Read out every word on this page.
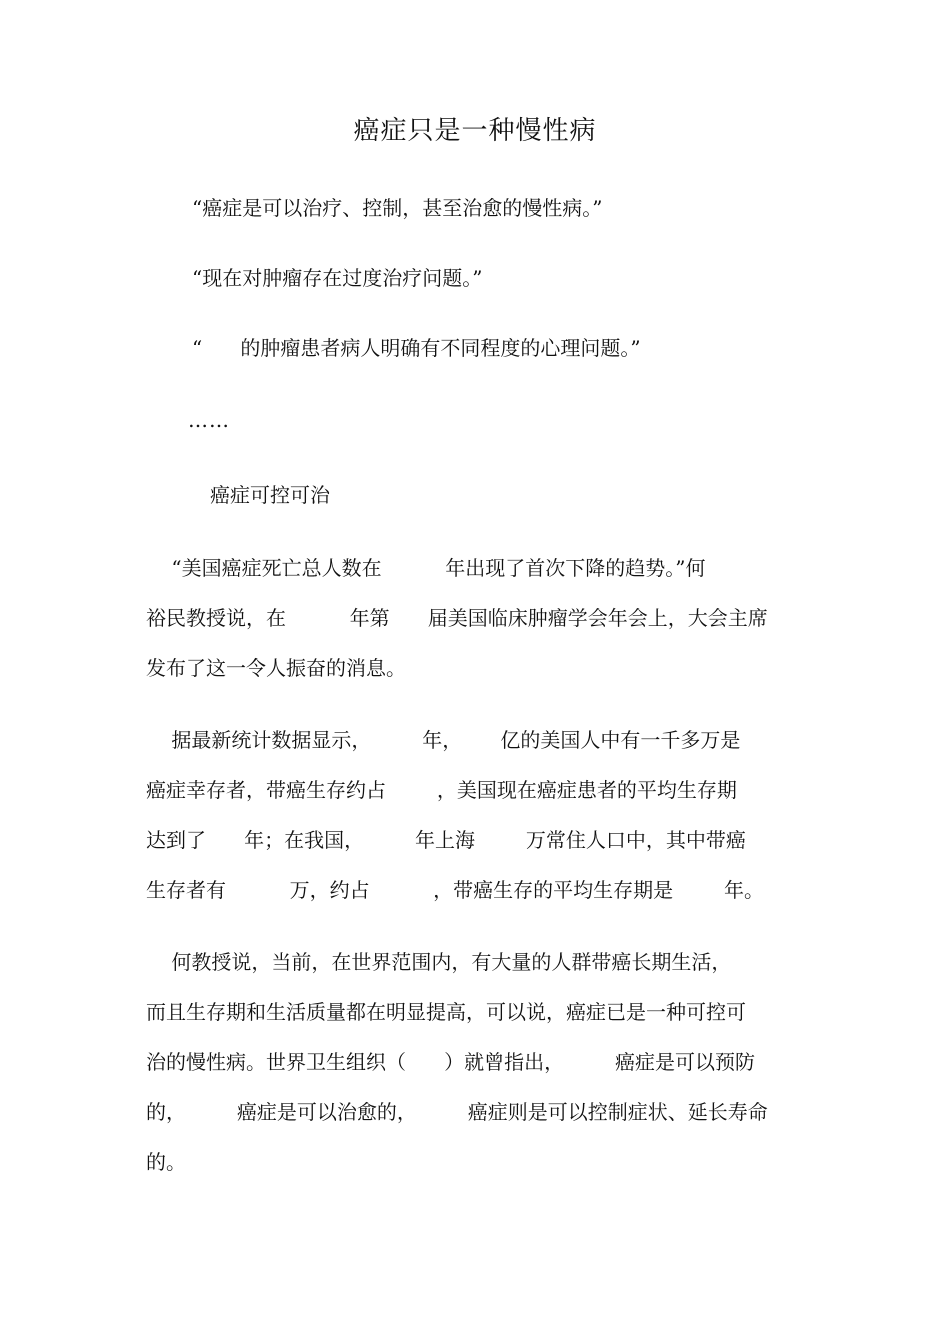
癌症只是一种慢性病
“癌症是可以治疗、控制，甚至治愈的慢性病。”
“现在对肿瘤存在过度治疗问题。”
“      的肿瘤患者病人明确有不同程度的心理问题。”
……
癌症可控可治
“美国癌症死亡总人数在          年出现了首次下降的趋势。”何
裕民教授说，在          年第      届美国临床肿瘤学会年会上，大会主席
发布了这一令人振奋的消息。
据最新统计数据显示，        年，      亿的美国人中有一千多万是
癌症幸存者，带癌生存约占        ，美国现在癌症患者的平均生存期
达到了      年；在我国，        年上海        万常住人口中，其中带癌
生存者有          万，约占          ，带癌生存的平均生存期是        年。
何教授说，当前，在世界范围内，有大量的人群带癌长期生活，
而且生存期和生活质量都在明显提高，可以说，癌症已是一种可控可
治的慢性病。世界卫生组织（      ）就曾指出，        癌症是可以预防
的，        癌症是可以治愈的，        癌症则是可以控制症状、延长寿命
的。
